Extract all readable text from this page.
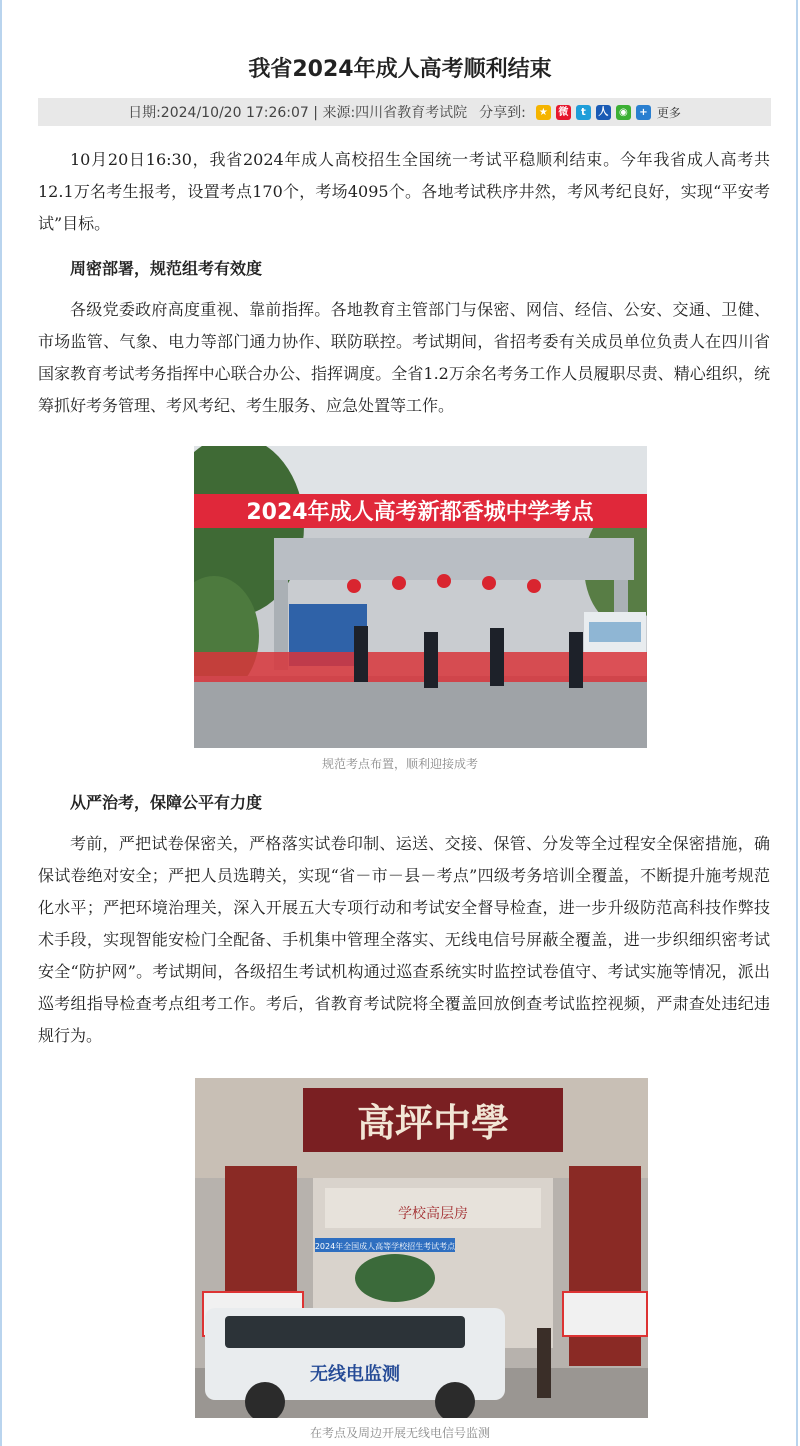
我省2024年成人高考顺利结束
日期:2024/10/20 17:26:07 | 来源:四川省教育考试院 分享到:	★	微	t	人	◉	+ 更多

10月20日16:30，我省2024年成人高校招生全国统一考试平稳顺利结束。今年我省成人高考共12.1万名考生报考，设置考点170个，考场4095个。各地考试秩序井然，考风考纪良好，实现“平安考试”目标。

周密部署，规范组考有效度

各级党委政府高度重视、靠前指挥。各地教育主管部门与保密、网信、经信、公安、交通、卫健、市场监管、气象、电力等部门通力协作、联防联控。考试期间，省招考委有关成员单位负责人在四川省国家教育考试考务指挥中心联合办公、指挥调度。全省1.2万余名考务工作人员履职尽责、精心组织，统筹抓好考务管理、考风考纪、考生服务、应急处置等工作。

2024年成人高考新都香城中学考点
规范考点布置，顺利迎接成考
从严治考，保障公平有力度

考前，严把试卷保密关，严格落实试卷印制、运送、交接、保管、分发等全过程安全保密措施，确保试卷绝对安全；严把人员选聘关，实现“省－市－县－考点”四级考务培训全覆盖，不断提升施考规范化水平；严把环境治理关，深入开展五大专项行动和考试安全督导检查，进一步升级防范高科技作弊技术手段，实现智能安检门全配备、手机集中管理全落实、无线电信号屏蔽全覆盖，进一步织细织密考试安全“防护网”。考试期间，各级招生考试机构通过巡查系统实时监控试卷值守、考试实施等情况，派出巡考组指导检查考点组考工作。考后，省教育考试院将全覆盖回放倒查考试监控视频，严肃查处违纪违规行为。

高坪中學
学校高层房
2024年全国成人高等学校招生考试考点
无线电监测
在考点及周边开展无线电信号监测
